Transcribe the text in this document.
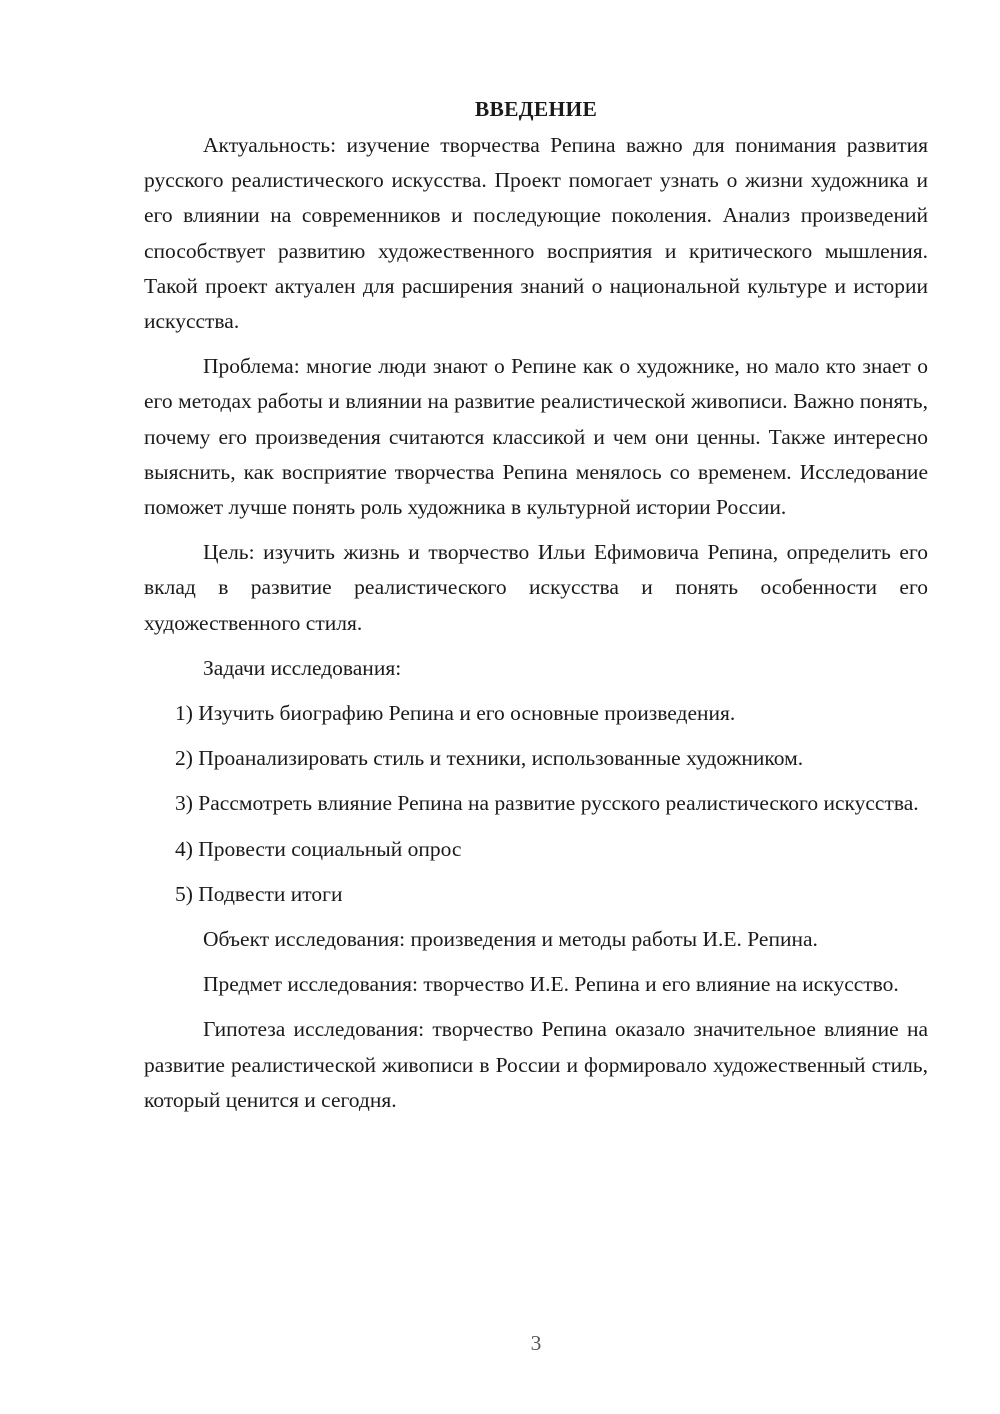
ВВЕДЕНИЕ

Актуальность: изучение творчества Репина важно для понимания развития русского реалистического искусства. Проект помогает узнать о жизни художника и его влиянии на современников и последующие поколения. Анализ произведений способствует развитию художественного восприятия и критического мышления. Такой проект актуален для расширения знаний о национальной культуре и истории искусства.

Проблема: многие люди знают о Репине как о художнике, но мало кто знает о его методах работы и влиянии на развитие реалистической живописи. Важно понять, почему его произведения считаются классикой и чем они ценны. Также интересно выяснить, как восприятие творчества Репина менялось со временем. Исследование поможет лучше понять роль художника в культурной истории России.

Цель: изучить жизнь и творчество Ильи Ефимовича Репина, определить его вклад в развитие реалистического искусства и понять особенности его художественного стиля.

Задачи исследования:

1) Изучить биографию Репина и его основные произведения.

2) Проанализировать стиль и техники, использованные художником.

3) Рассмотреть влияние Репина на развитие русского реалистического искусства.

4) Провести социальный опрос

5) Подвести итоги

Объект исследования: произведения и методы работы И.Е. Репина.

Предмет исследования: творчество И.Е. Репина и его влияние на искусство.

Гипотеза исследования: творчество Репина оказало значительное влияние на развитие реалистической живописи в России и формировало художественный стиль, который ценится и сегодня.

3
